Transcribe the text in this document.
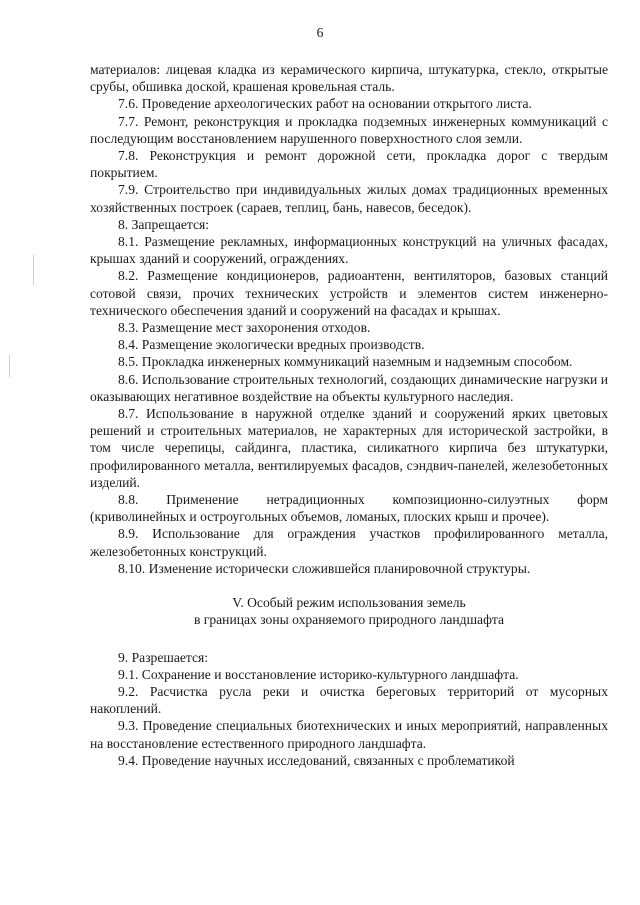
6

материалов: лицевая кладка из керамического кирпича, штукатурка, стекло, открытые срубы, обшивка доской, крашеная кровельная сталь.

7.6. Проведение археологических работ на основании открытого листа.

7.7. Ремонт, реконструкция и прокладка подземных инженерных коммуникаций с последующим восстановлением нарушенного поверхностного слоя земли.

7.8. Реконструкция и ремонт дорожной сети, прокладка дорог с твердым покрытием.

7.9. Строительство при индивидуальных жилых домах традиционных временных хозяйственных построек (сараев, теплиц, бань, навесов, беседок).

8. Запрещается:

8.1. Размещение рекламных, информационных конструкций на уличных фасадах, крышах зданий и сооружений, ограждениях.

8.2. Размещение кондиционеров, радиоантенн, вентиляторов, базовых станций сотовой связи, прочих технических устройств и элементов систем инженерно-технического обеспечения зданий и сооружений на фасадах и крышах.

8.3. Размещение мест захоронения отходов.

8.4. Размещение экологически вредных производств.

8.5. Прокладка инженерных коммуникаций наземным и надземным способом.

8.6. Использование строительных технологий, создающих динамические нагрузки и оказывающих негативное воздействие на объекты культурного наследия.

8.7. Использование в наружной отделке зданий и сооружений ярких цветовых решений и строительных материалов, не характерных для исторической застройки, в том числе черепицы, сайдинга, пластика, силикатного кирпича без штукатурки, профилированного металла, вентилируемых фасадов, сэндвич-панелей, железобетонных изделий.

8.8. Применение нетрадиционных композиционно-силуэтных форм (криволинейных и остроугольных объемов, ломаных, плоских крыш и прочее).

8.9. Использование для ограждения участков профилированного металла, железобетонных конструкций.

8.10. Изменение исторически сложившейся планировочной структуры.

V. Особый режим использования земель

в границах зоны охраняемого природного ландшафта

9. Разрешается:

9.1. Сохранение и восстановление историко-культурного ландшафта.

9.2. Расчистка русла реки и очистка береговых территорий от мусорных накоплений.

9.3. Проведение специальных биотехнических и иных мероприятий, направленных на восстановление естественного природного ландшафта.

9.4. Проведение научных исследований, связанных с проблематикой
